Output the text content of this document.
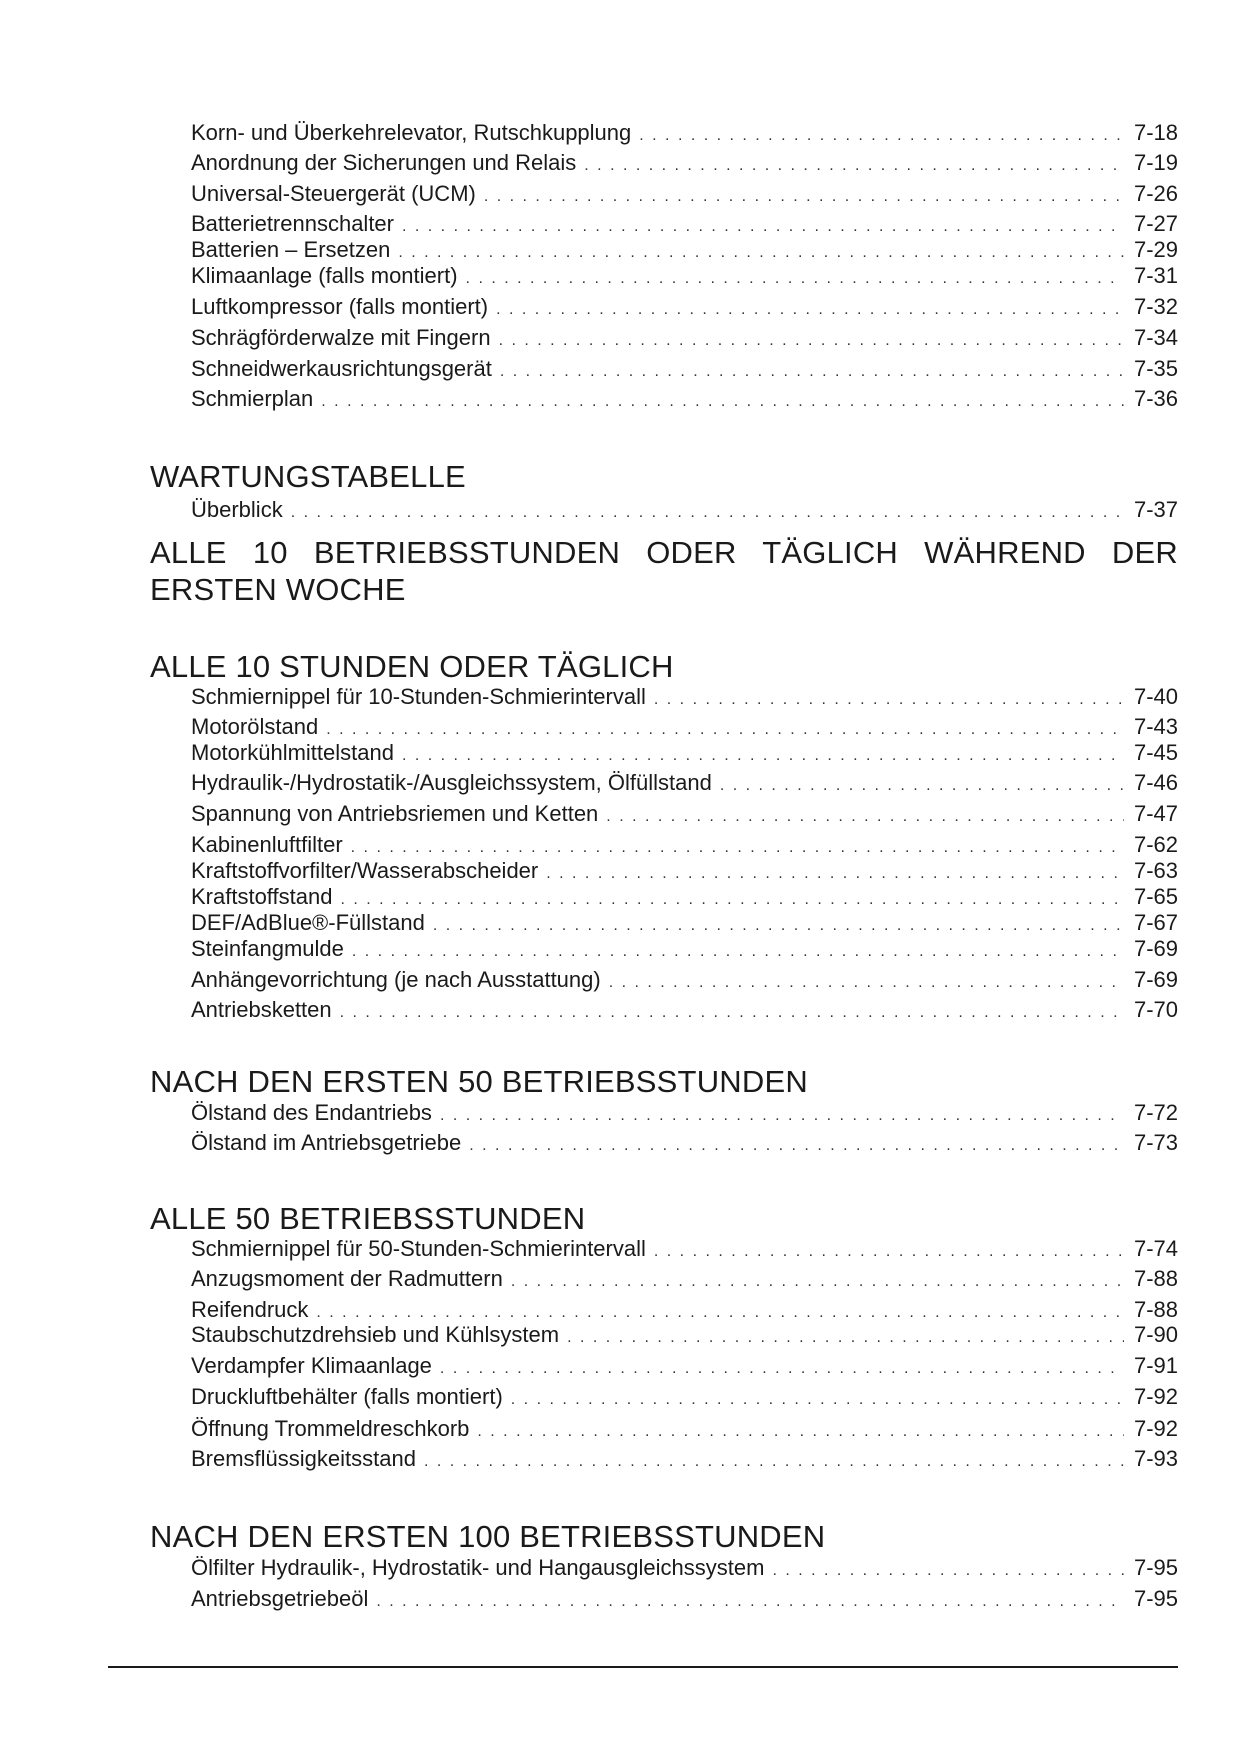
Korn- und Überkehrelevator, Rutschkupplung . . .	7-18
Anordnung der Sicherungen und Relais . . .	7-19
Universal-Steuergerät (UCM) . . .	7-26
Batterietrennschalter . . .	7-27
Batterien – Ersetzen . . .	7-29
Klimaanlage (falls montiert) . . .	7-31
Luftkompressor (falls montiert) . . .	7-32
Schrägförderwalze mit Fingern . . .	7-34
Schneidwerkausrichtungsgerät . . .	7-35
Schmierplan . . .	7-36
WARTUNGSTABELLE
Überblick . . .	7-37
ALLE 10 BETRIEBSSTUNDEN ODER TÄGLICH WÄHREND DER ERSTEN WOCHE
ALLE 10 STUNDEN ODER TÄGLICH
Schmiernippel für 10-Stunden-Schmierintervall . . .	7-40
Motorölstand . . .	7-43
Motorkühlmittelstand . . .	7-45
Hydraulik-/Hydrostatik-/Ausgleichssystem, Ölfüllstand . . .	7-46
Spannung von Antriebsriemen und Ketten . . .	7-47
Kabinenluftfilter . . .	7-62
Kraftstoffvorfilter/Wasserabscheider . . .	7-63
Kraftstoffstand . . .	7-65
DEF/AdBlue®-Füllstand . . .	7-67
Steinfangmulde . . .	7-69
Anhängevorrichtung (je nach Ausstattung) . . .	7-69
Antriebsketten . . .	7-70
NACH DEN ERSTEN 50 BETRIEBSSTUNDEN
Ölstand des Endantriebs . . .	7-72
Ölstand im Antriebsgetriebe . . .	7-73
ALLE 50 BETRIEBSSTUNDEN
Schmiernippel für 50-Stunden-Schmierintervall . . .	7-74
Anzugsmoment der Radmuttern . . .	7-88
Reifendruck . . .	7-88
Staubschutzdrehsieb und Kühlsystem . . .	7-90
Verdampfer Klimaanlage . . .	7-91
Druckluftbehälter (falls montiert) . . .	7-92
Öffnung Trommeldreschkorb . . .	7-92
Bremsflüssigkeitsstand . . .	7-93
NACH DEN ERSTEN 100 BETRIEBSSTUNDEN
Ölfilter Hydraulik-, Hydrostatik- und Hangausgleichssystem . . .	7-95
Antriebsgetriebeöl . . .	7-95
